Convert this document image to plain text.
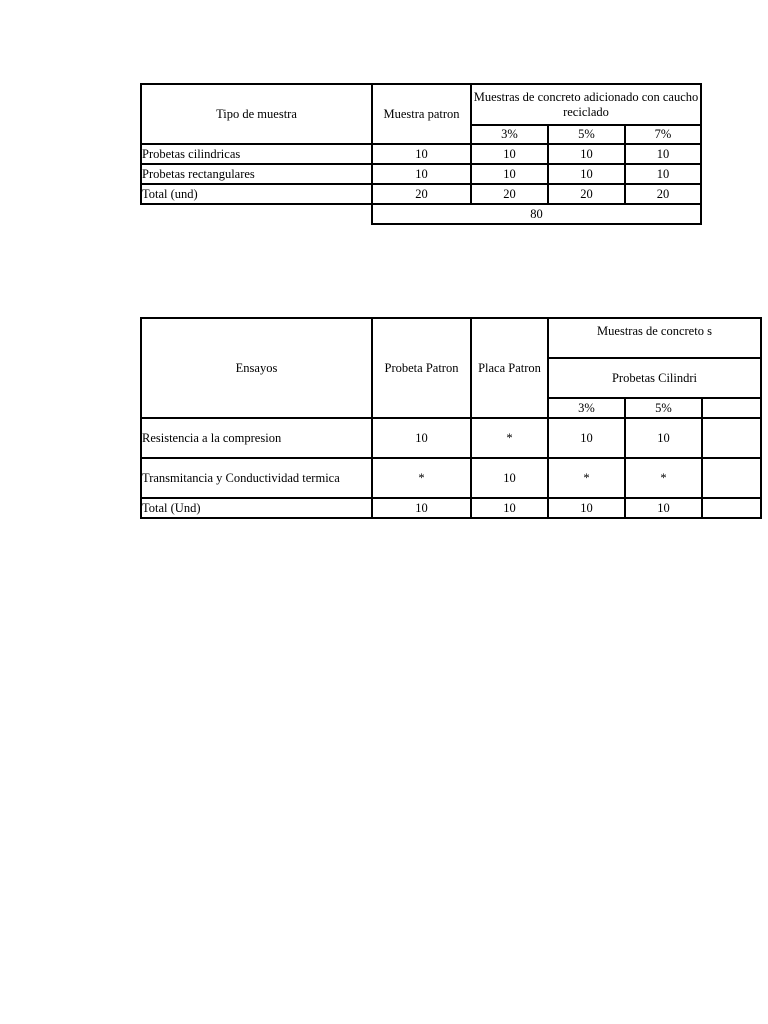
Tipo de muestra	Muestra patron	Muestras de concreto adicionado con caucho reciclado		
		3%	5%	7%
Probetas cilindricas	10	10	10	10
Probetas rectangulares	10	10	10	10
Total (und)	20	20	20	20
	80			
Ensayos	Probeta Patron	Placa Patron	Muestras de concreto s		
			Probetas Cilindri		
			3%	5%	
Resistencia a la compresion	10	*	10	10	
Transmitancia y Conductividad termica	*	10	*	*	
Total (Und)	10	10	10	10	
